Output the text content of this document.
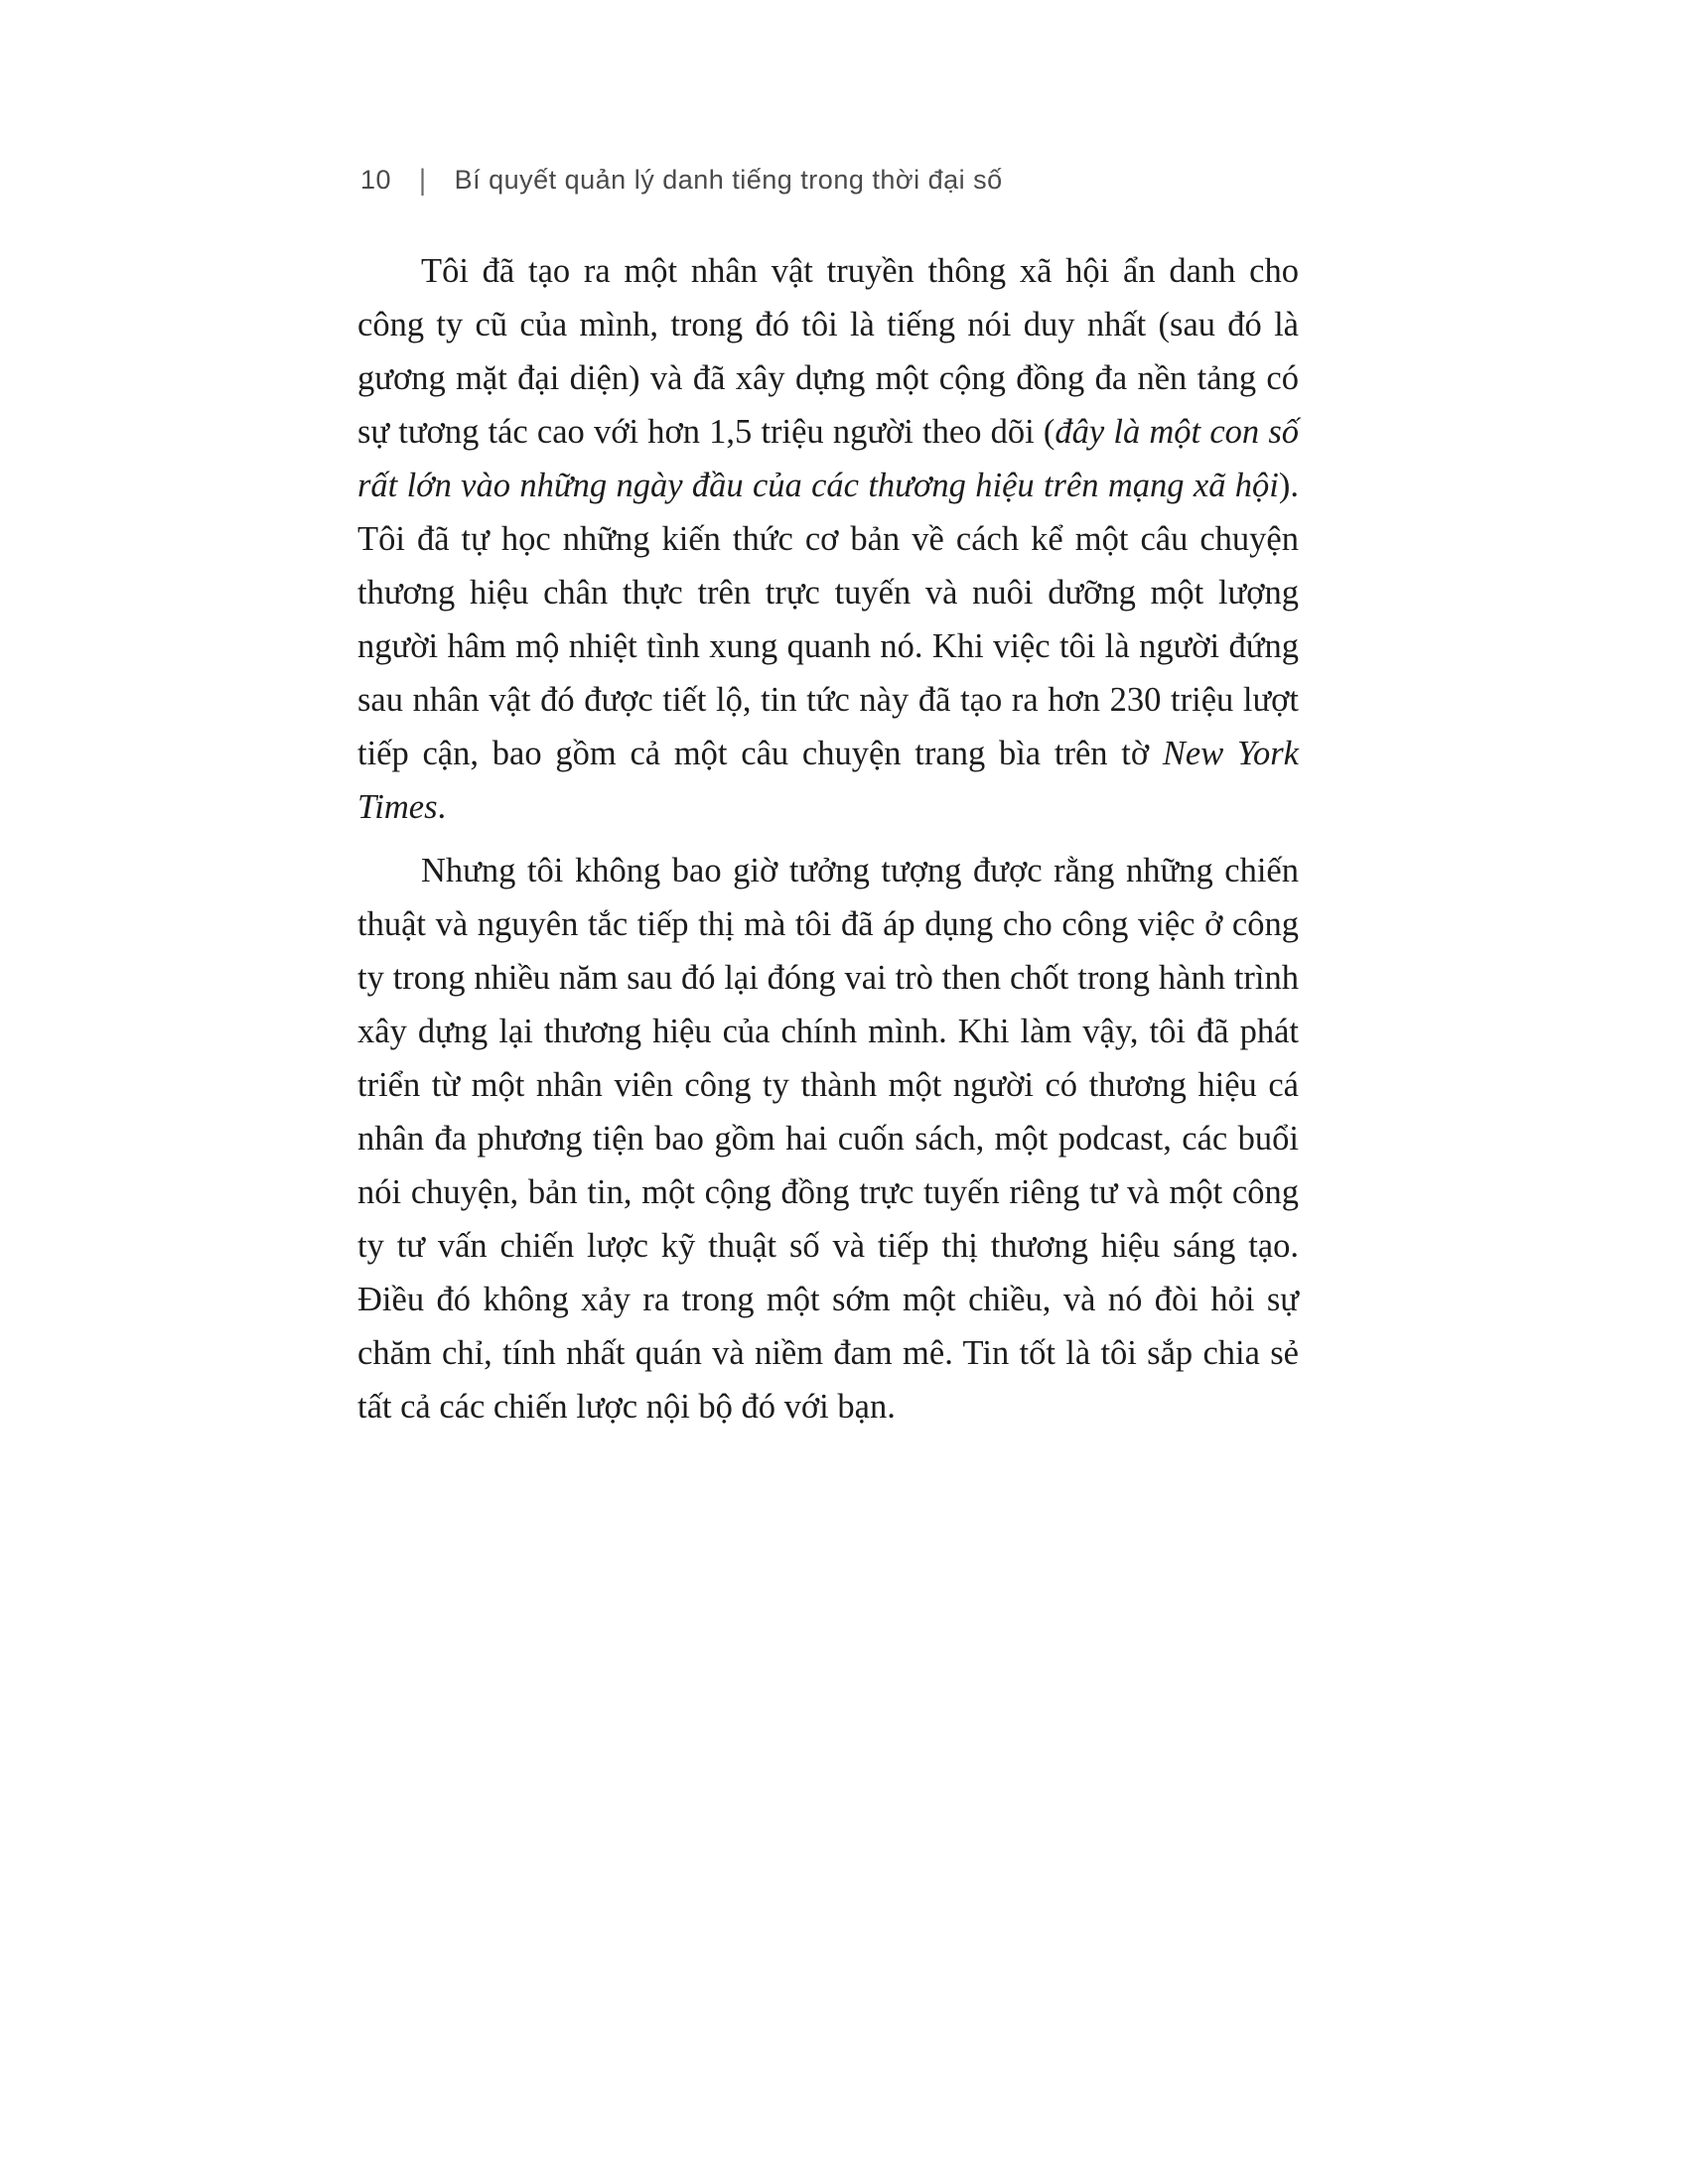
10 | Bí quyết quản lý danh tiếng trong thời đại số

Tôi đã tạo ra một nhân vật truyền thông xã hội ẩn danh cho công ty cũ của mình, trong đó tôi là tiếng nói duy nhất (sau đó là gương mặt đại diện) và đã xây dựng một cộng đồng đa nền tảng có sự tương tác cao với hơn 1,5 triệu người theo dõi (đây là một con số rất lớn vào những ngày đầu của các thương hiệu trên mạng xã hội). Tôi đã tự học những kiến thức cơ bản về cách kể một câu chuyện thương hiệu chân thực trên trực tuyến và nuôi dưỡng một lượng người hâm mộ nhiệt tình xung quanh nó. Khi việc tôi là người đứng sau nhân vật đó được tiết lộ, tin tức này đã tạo ra hơn 230 triệu lượt tiếp cận, bao gồm cả một câu chuyện trang bìa trên tờ New York Times.

Nhưng tôi không bao giờ tưởng tượng được rằng những chiến thuật và nguyên tắc tiếp thị mà tôi đã áp dụng cho công việc ở công ty trong nhiều năm sau đó lại đóng vai trò then chốt trong hành trình xây dựng lại thương hiệu của chính mình. Khi làm vậy, tôi đã phát triển từ một nhân viên công ty thành một người có thương hiệu cá nhân đa phương tiện bao gồm hai cuốn sách, một podcast, các buổi nói chuyện, bản tin, một cộng đồng trực tuyến riêng tư và một công ty tư vấn chiến lược kỹ thuật số và tiếp thị thương hiệu sáng tạo. Điều đó không xảy ra trong một sớm một chiều, và nó đòi hỏi sự chăm chỉ, tính nhất quán và niềm đam mê. Tin tốt là tôi sắp chia sẻ tất cả các chiến lược nội bộ đó với bạn.
